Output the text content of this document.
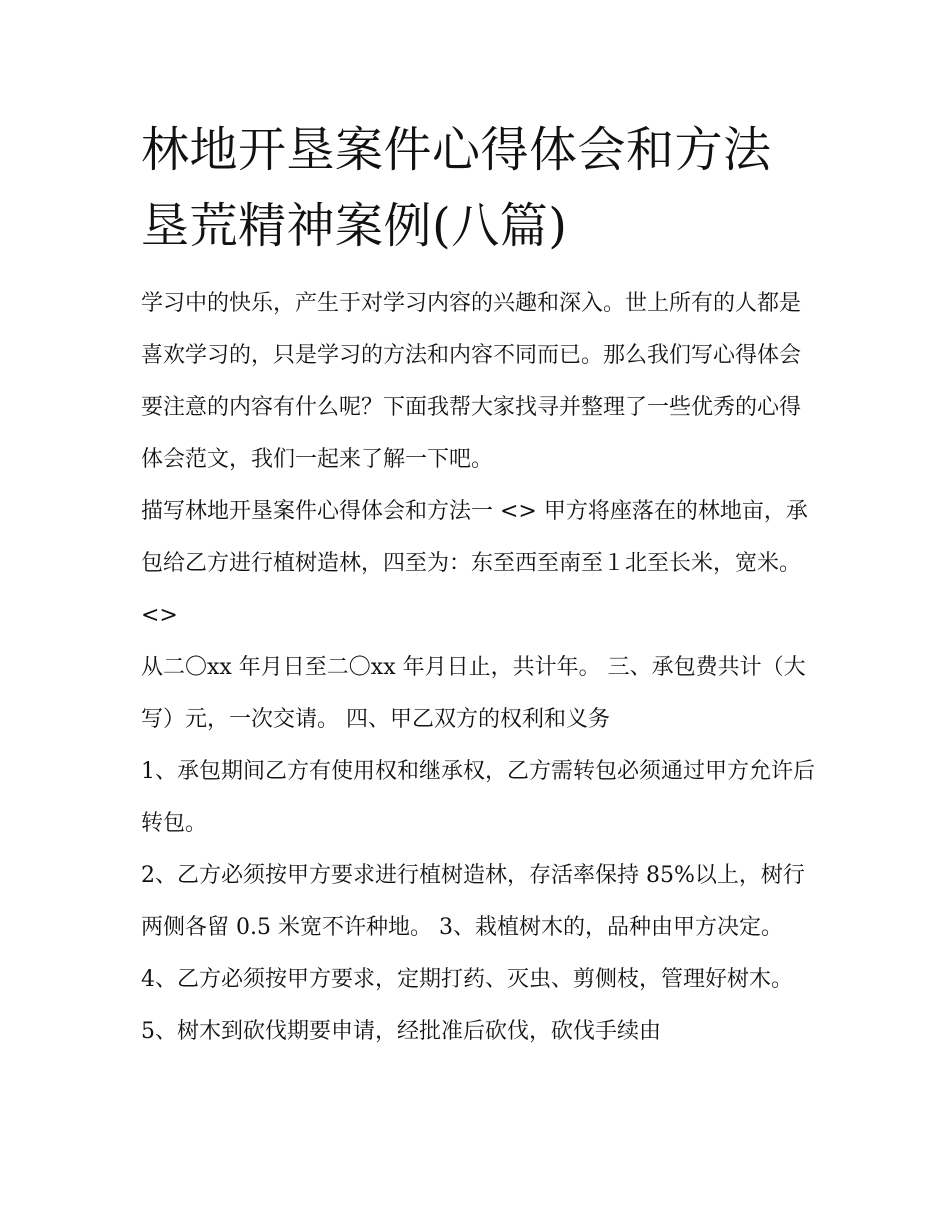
林地开垦案件心得体会和方法垦荒精神案例(八篇)

学习中的快乐，产生于对学习内容的兴趣和深入。世上所有的人都是喜欢学习的，只是学习的方法和内容不同而已。那么我们写心得体会要注意的内容有什么呢？下面我帮大家找寻并整理了一些优秀的心得体会范文，我们一起来了解一下吧。

描写林地开垦案件心得体会和方法一 <> 甲方将座落在的林地亩，承包给乙方进行植树造林，四至为：东至西至南至１北至长米，宽米。 <>

从二〇xx 年月日至二〇xx 年月日止，共计年。 三、承包费共计（大写）元，一次交请。 四、甲乙双方的权利和义务

1、承包期间乙方有使用权和继承权，乙方需转包必须通过甲方允许后转包。

2、乙方必须按甲方要求进行植树造林，存活率保持 85%以上，树行两侧各留 0.5 米宽不许种地。 3、栽植树木的，品种由甲方决定。

4、乙方必须按甲方要求，定期打药、灭虫、剪侧枝，管理好树木。 5、树木到砍伐期要申请，经批准后砍伐，砍伐手续由
